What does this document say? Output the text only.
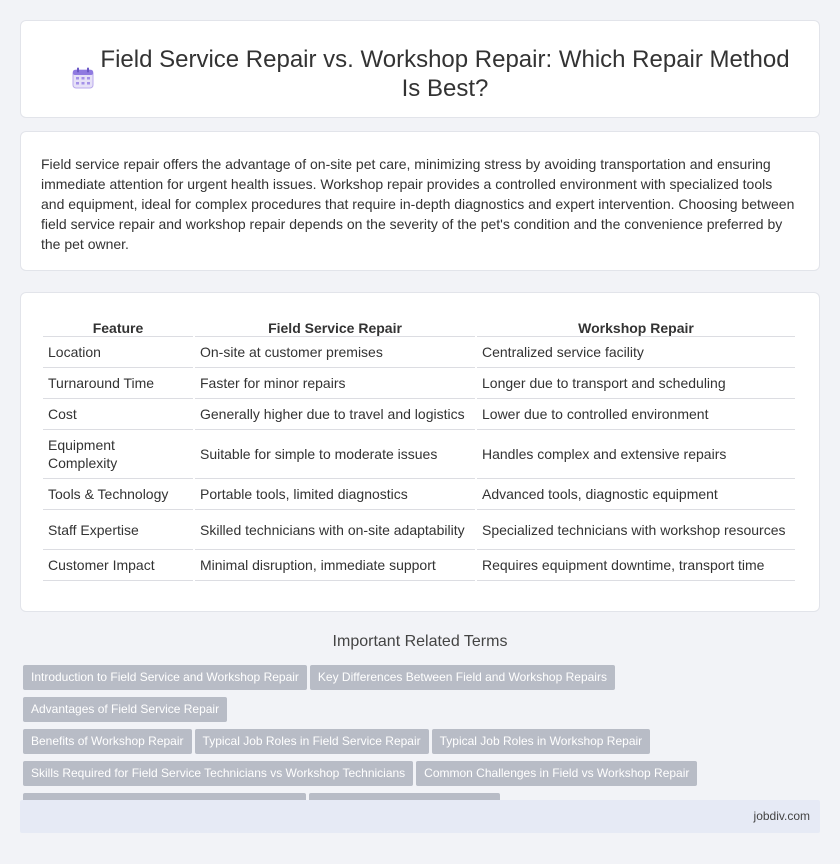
Field Service Repair vs. Workshop Repair: Which Repair Method Is Best?

Field service repair offers the advantage of on-site pet care, minimizing stress by avoiding transportation and ensuring immediate attention for urgent health issues. Workshop repair provides a controlled environment with specialized tools and equipment, ideal for complex procedures that require in-depth diagnostics and expert intervention. Choosing between field service repair and workshop repair depends on the severity of the pet's condition and the convenience preferred by the pet owner.

Feature	Field Service Repair	Workshop Repair
Location	On-site at customer premises	Centralized service facility
Turnaround Time	Faster for minor repairs	Longer due to transport and scheduling
Cost	Generally higher due to travel and logistics	Lower due to controlled environment
Equipment Complexity	Suitable for simple to moderate issues	Handles complex and extensive repairs
Tools & Technology	Portable tools, limited diagnostics	Advanced tools, diagnostic equipment
Staff Expertise	Skilled technicians with on-site adaptability	Specialized technicians with workshop resources
Customer Impact	Minimal disruption, immediate support	Requires equipment downtime, transport time
Important Related Terms
Introduction to Field Service and Workshop Repair Key Differences Between Field and Workshop RepairsAdvantages of Field Service Repair
Benefits of Workshop Repair Typical Job Roles in Field Service Repair Typical Job Roles in Workshop Repair
Skills Required for Field Service Technicians vs Workshop Technicians Common Challenges in Field vs Workshop Repair

jobdiv.com
